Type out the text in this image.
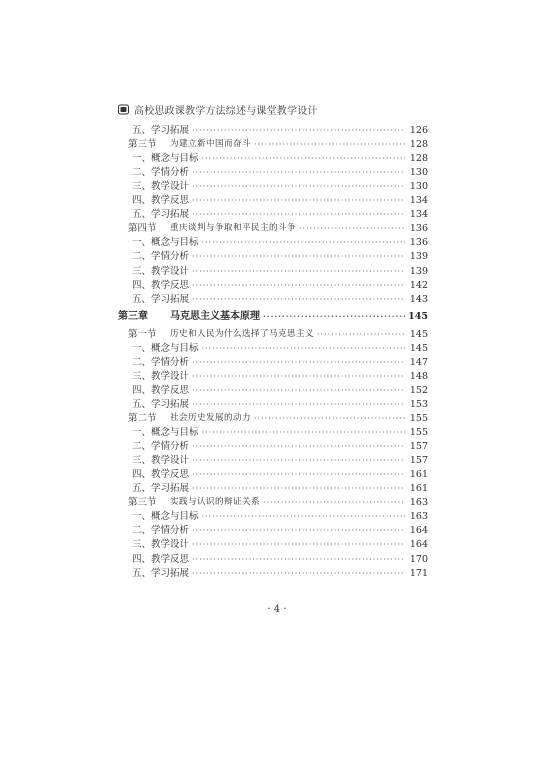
高校思政课教学方法综述与课堂教学设计
五、学习拓展 ·····	126
第三节	为建立新中国而奋斗 ·····	128
一、概念与目标 ·····	128
二、学情分析 ·····	130
三、教学设计 ·····	130
四、教学反思 ·····	134
五、学习拓展 ·····	134
第四节	重庆谈判与争取和平民主的斗争 ·····	136
一、概念与目标 ·····	136
二、学情分析 ·····	139
三、教学设计 ·····	139
四、教学反思 ·····	142
五、学习拓展 ·····	143
第三章	马克思主义基本原理 ·····	145
第一节	历史和人民为什么选择了马克思主义 ·····	145
一、概念与目标 ·····	145
二、学情分析 ·····	147
三、教学设计 ·····	148
四、教学反思 ·····	152
五、学习拓展 ·····	153
第二节	社会历史发展的动力 ·····	155
一、概念与目标 ·····	155
二、学情分析 ·····	157
三、教学设计 ·····	157
四、教学反思 ·····	161
五、学习拓展 ·····	161
第三节	实践与认识的辩证关系 ·····	163
一、概念与目标 ·····	163
二、学情分析 ·····	164
三、教学设计 ·····	164
四、教学反思 ·····	170
五、学习拓展 ·····	171
· 4 ·
